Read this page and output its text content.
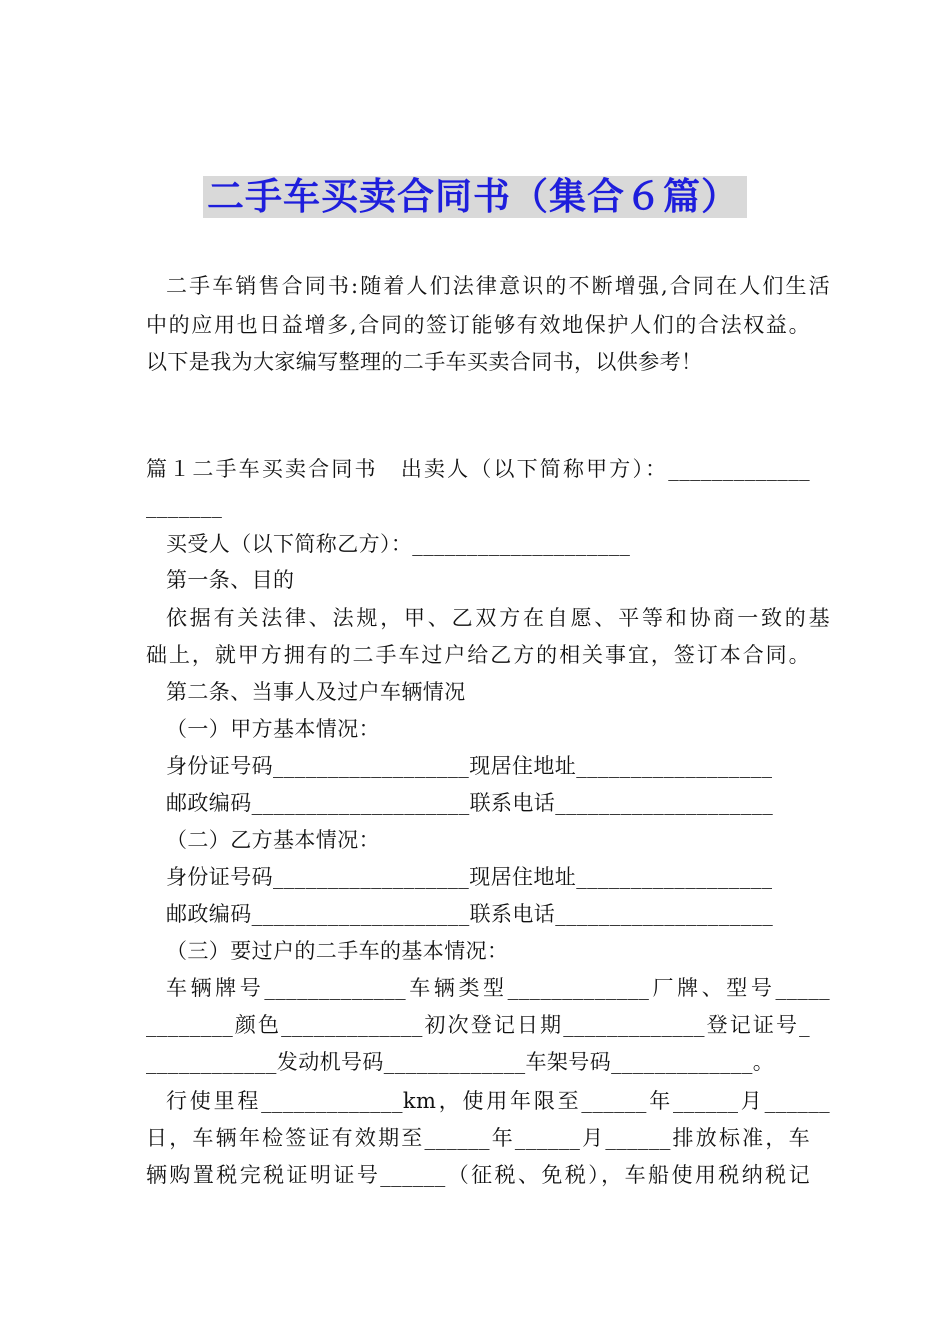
二手车买卖合同书（集合６篇）
二手车销售合同书:随着人们法律意识的不断增强,合同在人们生活
中的应用也日益增多,合同的签订能够有效地保护人们的合法权益。
以下是我为大家编写整理的二手车买卖合同书，以供参考！
篇１二手车买卖合同书　出卖人（以下简称甲方）：_____________
_______
买受人（以下简称乙方）：____________________
第一条、目的
依据有关法律、法规，甲、乙双方在自愿、平等和协商一致的基
础上，就甲方拥有的二手车过户给乙方的相关事宜，签订本合同。
第二条、当事人及过户车辆情况
（一）甲方基本情况：
身份证号码__________________现居住地址__________________
邮政编码____________________联系电话____________________
（二）乙方基本情况：
身份证号码__________________现居住地址__________________
邮政编码____________________联系电话____________________
（三）要过户的二手车的基本情况：
车辆牌号_____________车辆类型_____________厂牌、型号_____
________颜色_____________初次登记日期_____________登记证号_
____________发动机号码_____________车架号码_____________。
行使里程_____________km，使用年限至______年______月______
日，车辆年检签证有效期至______年______月______排放标准，车
辆购置税完税证明证号______（征税、免税），车船使用税纳税记
